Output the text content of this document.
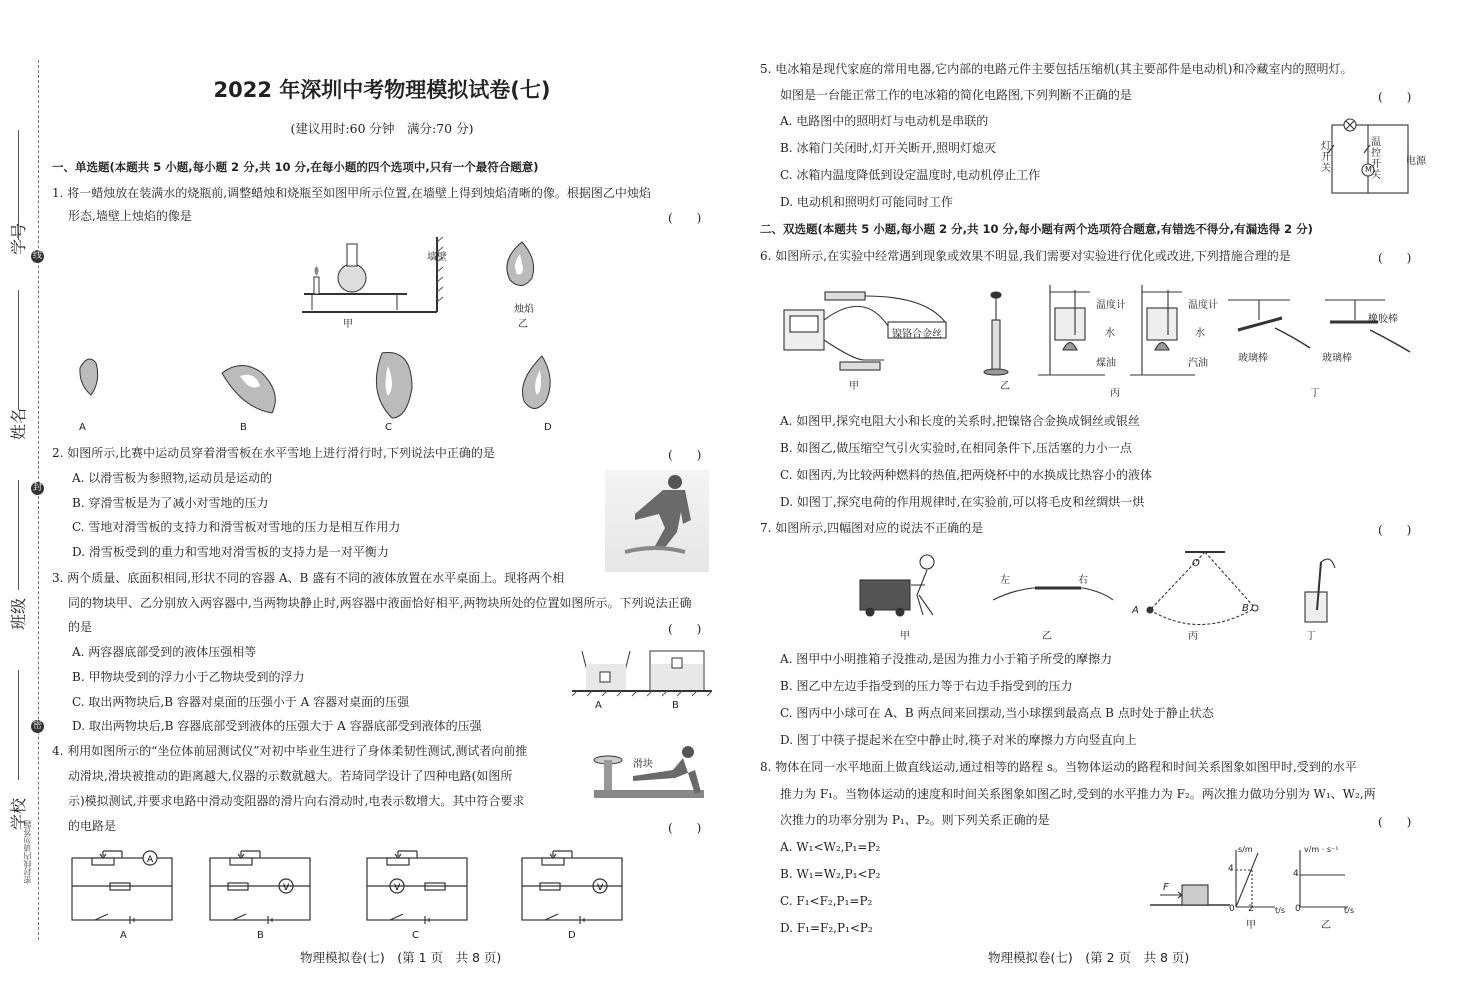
学号
线
姓名
封
班级
密
学校
密封线内请勿答题
2022 年深圳中考物理模拟试卷(七)
(建议用时:60 分钟　满分:70 分)
一、单选题(本题共 5 小题,每小题 2 分,共 10 分,在每小题的四个选项中,只有一个最符合题意)
1. 将一蜡烛放在装满水的烧瓶前,调整蜡烛和烧瓶至如图甲所示位置,在墙壁上得到烛焰清晰的像。根据图乙中烛焰
形态,墙壁上烛焰的像是	(　　)
墙壁
甲
烛焰
乙
A	B	C	D
2. 如图所示,比赛中运动员穿着滑雪板在水平雪地上进行滑行时,下列说法中正确的是	(　　)
A. 以滑雪板为参照物,运动员是运动的
B. 穿滑雪板是为了减小对雪地的压力
C. 雪地对滑雪板的支持力和滑雪板对雪地的压力是相互作用力
D. 滑雪板受到的重力和雪地对滑雪板的支持力是一对平衡力
3. 两个质量、底面积相同,形状不同的容器 A、B 盛有不同的液体放置在水平桌面上。现将两个相
同的物块甲、乙分别放入两容器中,当两物块静止时,两容器中液面恰好相平,两物块所处的位置如图所示。下列说法正确
的是	(　　)
A. 两容器底部受到的液体压强相等
B. 甲物块受到的浮力小于乙物块受到的浮力
C. 取出两物块后,B 容器对桌面的压强小于 A 容器对桌面的压强
D. 取出两物块后,B 容器底部受到液体的压强大于 A 容器底部受到液体的压强
A	B
4. 利用如图所示的“坐位体前屈测试仪”对初中毕业生进行了身体柔韧性测试,测试者向前推
动滑块,滑块被推动的距离越大,仪器的示数就越大。若琦同学设计了四种电路(如图所
示)模拟测试,并要求电路中滑动变阻器的滑片向右滑动时,电表示数增大。其中符合要求
的电路是	(　　)
滑块
A
V	V	V
A	B	C	D
物理模拟卷(七)　(第 1 页　共 8 页)
5. 电冰箱是现代家庭的常用电器,它内部的电路元件主要包括压缩机(其主要部件是电动机)和冷藏室内的照明灯。
如图是一台能正常工作的电冰箱的简化电路图,下列判断不正确的是	(　　)
A. 电路图中的照明灯与电动机是串联的
B. 冰箱门关闭时,灯开关断开,照明灯熄灭
C. 冰箱内温度降低到设定温度时,电动机停止工作
D. 电动机和照明灯可能同时工作
灯开关
温控开关
电源
M
二、双选题(本题共 5 小题,每小题 2 分,共 10 分,每小题有两个选项符合题意,有错选不得分,有漏选得 2 分)
6. 如图所示,在实验中经常遇到现象或效果不明显,我们需要对实验进行优化或改进,下列措施合理的是	(　　)
镍铬合金丝
温度计	温度计
水	水
煤油	汽油	玻璃棒	玻璃棒
橡胶棒
甲	乙
丙	丁
A. 如图甲,探究电阻大小和长度的关系时,把镍铬合金换成铜丝或银丝
B. 如图乙,做压缩空气引火实验时,在相同条件下,压活塞的力小一点
C. 如图丙,为比较两种燃料的热值,把两烧杯中的水换成比热容小的液体
D. 如图丁,探究电荷的作用规律时,在实验前,可以将毛皮和丝绸烘一烘
7. 如图所示,四幅图对应的说法不正确的是	(　　)
左	右
O
A	B
甲	乙	丙	丁
A. 图甲中小明推箱子没推动,是因为推力小于箱子所受的摩擦力
B. 图乙中左边手指受到的压力等于右边手指受到的压力
C. 图丙中小球可在 A、B 两点间来回摆动,当小球摆到最高点 B 点时处于静止状态
D. 图丁中筷子提起米在空中静止时,筷子对米的摩擦力方向竖直向上
8. 物体在同一水平地面上做直线运动,通过相等的路程 s。当物体运动的路程和时间关系图象如图甲时,受到的水平
推力为 F₁。当物体运动的速度和时间关系图象如图乙时,受到的水平推力为 F₂。两次推力做功分别为 W₁、W₂,两
次推力的功率分别为 P₁、P₂。则下列关系正确的是	(　　)
A. W₁<W₂,P₁=P₂
B. W₁=W₂,P₁<P₂
C. F₁<F₂,P₁=P₂
D. F₁=F₂,P₁<P₂
F
s/m
t/s
v/m · s⁻¹
t/s
4	4
0 2	0
甲	乙
物理模拟卷(七)　(第 2 页　共 8 页)
